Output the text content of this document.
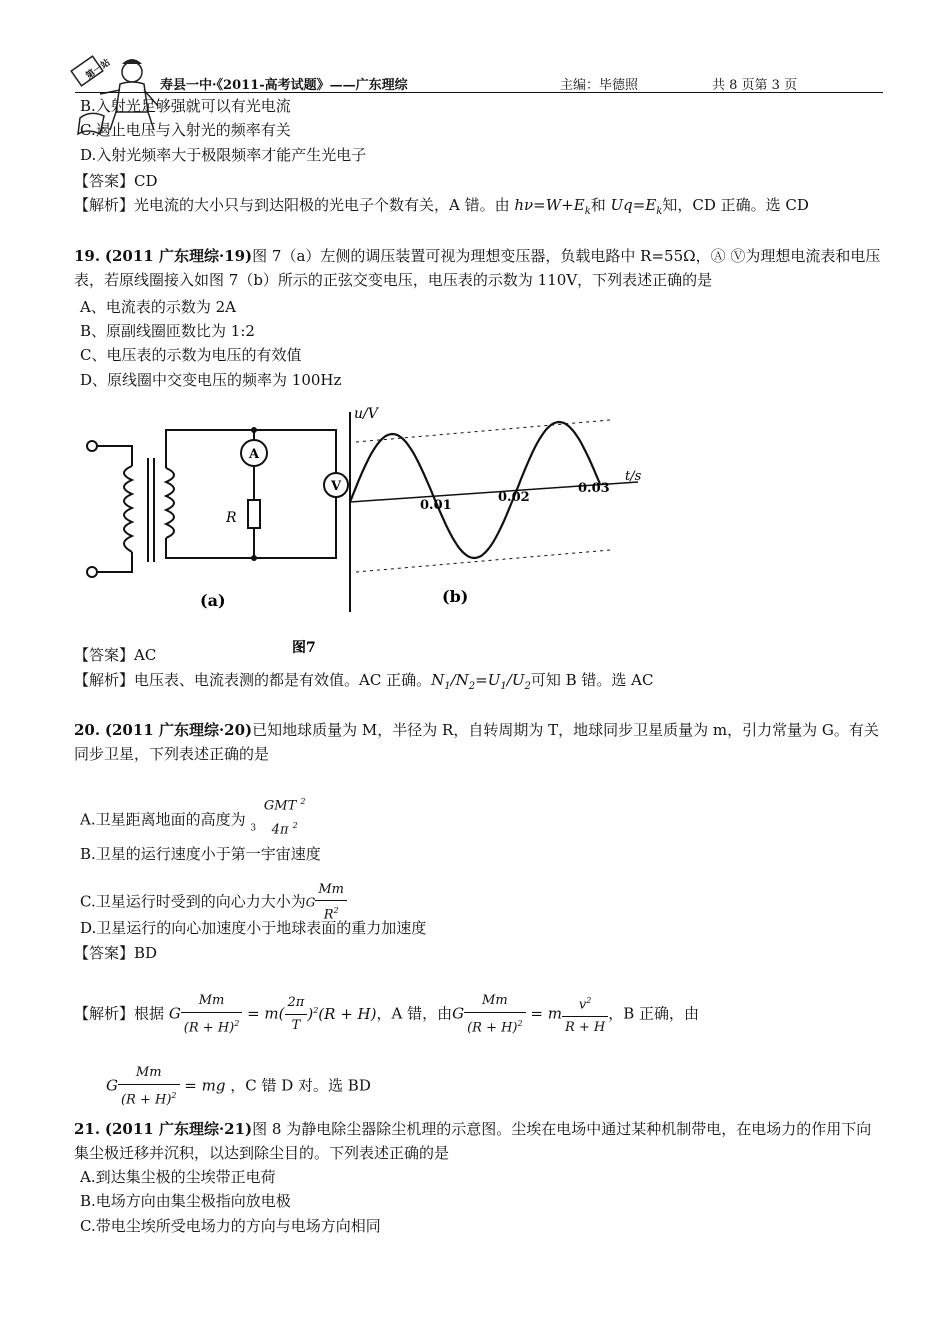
第一站
寿县一中·《2011-高考试题》——广东理综	主编：毕德照	共 8 页第 3 页
B.入射光足够强就可以有光电流
C.遏止电压与入射光的频率有关
D.入射光频率大于极限频率才能产生光电子
【答案】CD
【解析】光电流的大小只与到达阳极的光电子个数有关，A 错。由 $h\nu=W+E_k$和 $Uq=E_k$知，CD 正确。选 CD
19. (2011 广东理综·19)图 7（a）左侧的调压装置可视为理想变压器，负载电路中 R=55Ω，Ⓐ Ⓥ为理想电流表和电压表，若原线圈接入如图 7（b）所示的正弦交变电压，电压表的示数为 110V，下列表述正确的是
A、电流表的示数为 2A
B、原副线圈匝数比为 1:2
C、电压表的示数为电压的有效值
D、原线圈中交变电压的频率为 100Hz
A
V
R
(a)
u/V
t/s
0.01
0.02
0.03
(b)
图7
【答案】AC
【解析】电压表、电流表测的都是有效值。AC 正确。$N_1/N_2=U_1/U_2$可知 B 错。选 AC
20. (2011 广东理综·20)已知地球质量为 M，半径为 R，自转周期为 T，地球同步卫星质量为 m，引力常量为 G。有关同步卫星，下列表述正确的是
A.卫星距离地面的高度为 $_3$
GMT $^2$
4π $^2$
B.卫星的运行速度小于第一宇宙速度
C.卫星运行时受到的向心力大小为G $\frac{Mm}{R^2}$
D.卫星运行的向心加速度小于地球表面的重力加速度
【答案】BD
【解析】根据 G $\frac{Mm}{(R + H)^2} = m( \frac{2\pi}{T} )^2(R + H)$，A 错，由G $\frac{Mm}{(R + H)^2} = m \frac{v^2}{R + H}$ ，B 正确，由
G $\frac{Mm}{(R + H)^2}$ = mg ，C 错 D 对。选 BD
21. (2011 广东理综·21)图 8 为静电除尘器除尘机理的示意图。尘埃在电场中通过某种机制带电，在电场力的作用下向集尘极迁移并沉积，以达到除尘目的。下列表述正确的是
A.到达集尘极的尘埃带正电荷
B.电场方向由集尘极指向放电极
C.带电尘埃所受电场力的方向与电场方向相同
